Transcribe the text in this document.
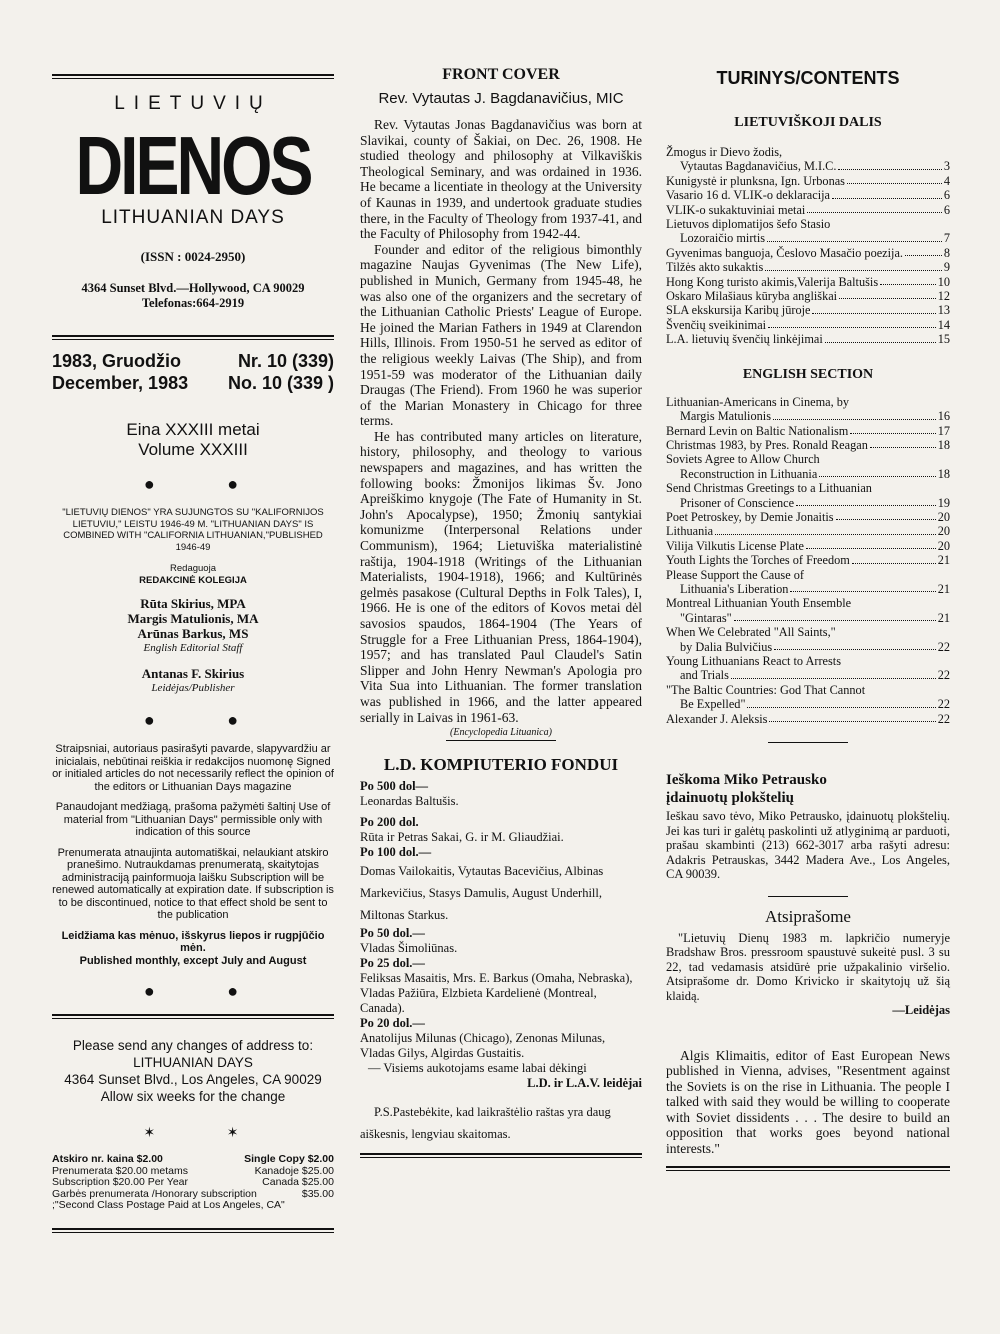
LIETUVIŲ
DIENOS
LITHUANIAN DAYS
(ISSN : 0024-2950)
4364 Sunset Blvd.—Hollywood, CA 90029
Telefonas:664-2919
1983, Gruodžio	Nr. 10 (339)
December, 1983 No. 10 (339 )
Eina XXXIII metai
Volume XXXIII
● ●
"LIETUVIŲ DIENOS" YRA SUJUNGTOS SU "KALIFORNIJOS LIETUVIU," LEISTU 1946-49 M. "LITHUANIAN DAYS" IS COMBINED WITH "CALIFORNIA LITHUANIAN,"PUBLISHED 1946-49
Redaguoja
REDAKCINĖ KOLEGIJA
Rūta Skirius, MPA
Margis Matulionis, MA
Arūnas Barkus, MS
English Editorial Staff
Antanas F. Skirius
Leidėjas/Publisher
● ●
Straipsniai, autoriaus pasirašyti pavarde, slapyvardžiu ar inicialais, nebūtinai reiškia ir redakcijos nuomonę Signed or initialed articles do not necessarily reflect the opinion of the editors or Lithuanian Days magazine
Panaudojant medžiagą, prašoma pažymėti šaltinį Use of material from "Lithuanian Days" permissible only with indication of this source
Prenumerata atnaujinta automatiškai, nelaukiant atskiro pranešimo. Nutraukdamas prenumeratą, skaitytojas administraciją painformuoja laišku Subscription will be renewed automatically at expiration date. If subscription is to be discontinued, notice to that effect shold be sent to the publication
Leidžiama kas mėnuo, išskyrus liepos ir rugpjūčio mėn.
Published monthly, except July and August
● ●
Please send any changes of address to:
LITHUANIAN DAYS
4364 Sunset Blvd., Los Angeles, CA 90029
Allow six weeks for the change
✶ ✶
Atskiro nr. kaina $2.00	Single Copy $2.00
Prenumerata $20.00 metams	Kanadoje $25.00
Subscription $20.00 Per Year	Canada $25.00
Garbės prenumerata /Honorary subscription	$35.00
;"Second Class Postage Paid at Los Angeles, CA"
FRONT COVER
Rev. Vytautas J. Bagdanavičius, MIC

Rev. Vytautas Jonas Bagdanavičius was born at Slavikai, county of Šakiai, on Dec. 26, 1908. He studied theology and philosophy at Vilkaviškis Theological Seminary, and was ordained in 1936. He became a licentiate in theology at the University of Kaunas in 1939, and undertook graduate studies there, in the Faculty of Theology from 1937-41, and the Faculty of Philosophy from 1942-44.

Founder and editor of the religious bimonthly magazine Naujas Gyvenimas (The New Life), published in Munich, Germany from 1945-48, he was also one of the organizers and the secretary of the Lithuanian Catholic Priests' League of Europe. He joined the Marian Fathers in 1949 at Clarendon Hills, Illinois. From 1950-51 he served as editor of the religious weekly Laivas (The Ship), and from 1951-59 was moderator of the Lithuanian daily Draugas (The Friend). From 1960 he was superior of the Marian Monastery in Chicago for three terms.

He has contributed many articles on literature, history, philosophy, and theology to various newspapers and magazines, and has written the following books: Žmonijos likimas Šv. Jono Apreiškimo knygoje (The Fate of Humanity in St. John's Apocalypse), 1950; Žmonių santykiai komunizme (Interpersonal Relations under Communism), 1964; Lietuviška materialistinė raštija, 1904-1918 (Writings of the Lithuanian Materialists, 1904-1918), 1966; and Kultūrinės gelmės pasakose (Cultural Depths in Folk Tales), I, 1966. He is one of the editors of Kovos metai dėl savosios spaudos, 1864-1904 (The Years of Struggle for a Free Lithuanian Press, 1864-1904), 1957; and has translated Paul Claudel's Satin Slipper and John Henry Newman's Apologia pro Vita Sua into Lithuanian. The former translation was published in 1966, and the latter appeared serially in Laivas in 1961-63.

(Encyclopedia Lituanica)
L.D. KOMPIUTERIO FONDUI
Po 500 dol—
Leonardas Baltušis.
Po 200 dol.
Rūta ir Petras Sakai, G. ir M. Gliaudžiai.
Po 100 dol.—
Domas Vailokaitis, Vytautas Bacevičius, Albinas Markevičius, Stasys Damulis, August Underhill, Miltonas Starkus.
Po 50 dol.—
Vladas Šimoliūnas.
Po 25 dol.—
Feliksas Masaitis, Mrs. E. Barkus (Omaha, Nebraska), Vladas Pažiūra, Elzbieta Kardelienė (Montreal, Canada).
Po 20 dol.—
Anatolijus Milunas (Chicago), Zenonas Milunas, Vladas Gilys, Algirdas Gustaitis.
— Visiems aukotojams esame labai dėkingi
L.D. ir L.A.V. leidėjai
P.S.Pastebėkite, kad laikraštėlio raštas yra daug aiškesnis, lengviau skaitomas.
TURINYS/CONTENTS
LIETUVIŠKOJI DALIS
Žmogus ir Dievo žodis,
Vytautas Bagdanavičius, M.I.C.	3
Kunigystė ir plunksna, Ign. Urbonas	4
Vasario 16 d. VLIK-o deklaracija	6
VLIK-o sukaktuviniai metai	6
Lietuvos diplomatijos šefo Stasio
Lozoraičio mirtis	7
Gyvenimas banguoja, Česlovo Masačio poezija.	8
Tilžės akto sukaktis	9
Hong Kong turisto akimis,Valerija Baltušis	10
Oskaro Milašiaus kūryba angliškai	12
SLA ekskursija Karibų jūroje	13
Švenčių sveikinimai	14
L.A. lietuvių švenčių linkėjimai	15
ENGLISH SECTION
Lithuanian-Americans in Cinema, by
Margis Matulionis	16
Bernard Levin on Baltic Nationalism	17
Christmas 1983, by Pres. Ronald Reagan	18
Soviets Agree to Allow Church
Reconstruction in Lithuania	18
Send Christmas Greetings to a Lithuanian
Prisoner of Conscience	19
Poet Petroskey, by Demie Jonaitis	20
Lithuania	20
Vilija Vilkutis License Plate	20
Youth Lights the Torches of Freedom	21
Please Support the Cause of
Lithuania's Liberation	21
Montreal Lithuanian Youth Ensemble
"Gintaras"	21
When We Celebrated "All Saints,"
by Dalia Bulvičius	22
Young Lithuanians React to Arrests
and Trials	22
"The Baltic Countries: God That Cannot
Be Expelled"	22
Alexander J. Aleksis	22
Ieškoma Miko Petrausko
įdainuotų plokštelių
Ieškau savo tėvo, Miko Petrausko, įdainuotų plokštelių. Jei kas turi ir galėtų paskolinti už atlyginimą ar parduoti, prašau skambinti (213) 662-3017 arba rašyti adresu: Adakris Petrauskas, 3442 Madera Ave., Los Angeles, CA 90039.
Atsiprašome
"Lietuvių Dienų 1983 m. lapkričio numeryje Bradshaw Bros. pressroom spaustuvė sukeitė pusl. 3 su 22, tad vedamasis atsidūrė prie užpakalinio viršelio. Atsiprašome dr. Domo Krivicko ir skaitytojų už šią klaidą.
—Leidėjas
Algis Klimaitis, editor of East European News published in Vienna, advises, "Resentment against the Soviets is on the rise in Lithuania. The people I talked with said they would be willing to cooperate with Soviet dissidents . . . The desire to build an opposition that works goes beyond national interests."
